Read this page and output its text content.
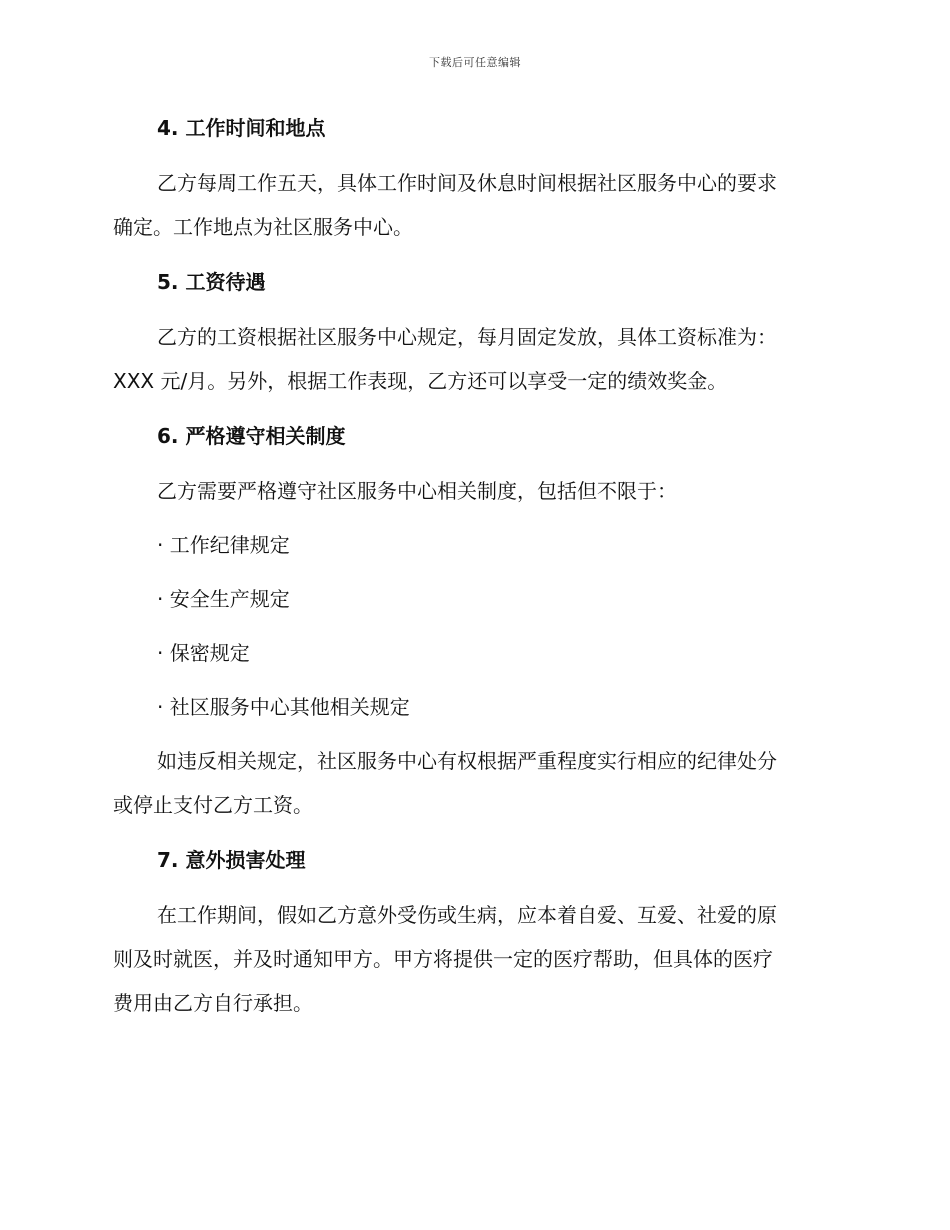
下载后可任意编辑
4. 工作时间和地点
乙方每周工作五天，具体工作时间及休息时间根据社区服务中心的要求
确定。工作地点为社区服务中心。
5. 工资待遇
乙方的工资根据社区服务中心规定，每月固定发放，具体工资标准为：
XXX 元/月。另外，根据工作表现，乙方还可以享受一定的绩效奖金。
6. 严格遵守相关制度
乙方需要严格遵守社区服务中心相关制度，包括但不限于：
· 工作纪律规定
· 安全生产规定
· 保密规定
· 社区服务中心其他相关规定
如违反相关规定，社区服务中心有权根据严重程度实行相应的纪律处分
或停止支付乙方工资。
7. 意外损害处理
在工作期间，假如乙方意外受伤或生病，应本着自爱、互爱、社爱的原
则及时就医，并及时通知甲方。甲方将提供一定的医疗帮助，但具体的医疗
费用由乙方自行承担。
